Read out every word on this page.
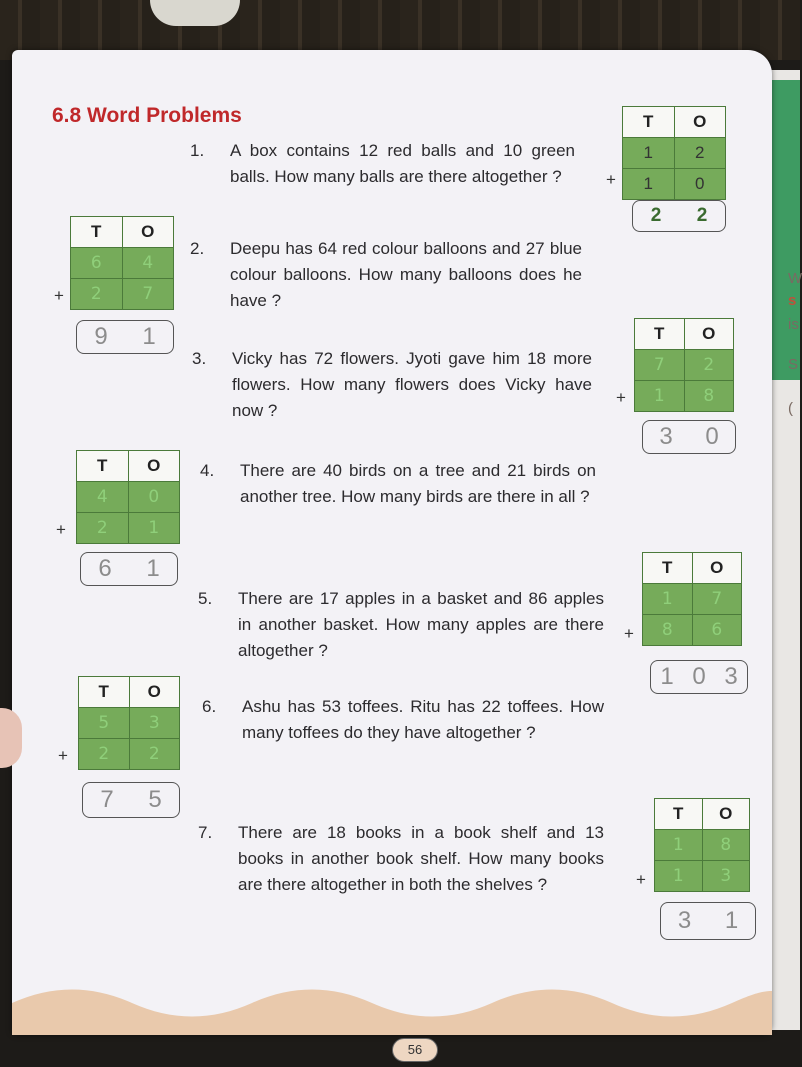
W
s
is
S
(
6.8 Word Problems
1. A box contains 12 red balls and 10 green balls. How many balls are there altogether ?
T	O
1	2
1	0
+
2 2
T	O
6	4
2	7
+
9 1
2. Deepu has 64 red colour balloons and 27 blue colour balloons. How many balloons does he have ?
3. Vicky has 72 flowers. Jyoti gave him 18 more flowers. How many flowers does Vicky have now ?
T	O
7	2
1	8
+
3 0
T	O
4	0
2	1
+
6 1
4. There are 40 birds on a tree and 21 birds on another tree. How many birds are there in all ?
5. There are 17 apples in a basket and 86 apples in another basket. How many apples are there altogether ?
T	O
1	7
8	6
+
1 0 3
T	O
5	3
2	2
+
7 5
6. Ashu has 53 toffees. Ritu has 22 toffees. How many toffees do they have altogether ?
7. There are 18 books in a book shelf and 13 books in another book shelf. How many books are there altogether in both the shelves ?
T	O
1	8
1	3
+
3 1
56
